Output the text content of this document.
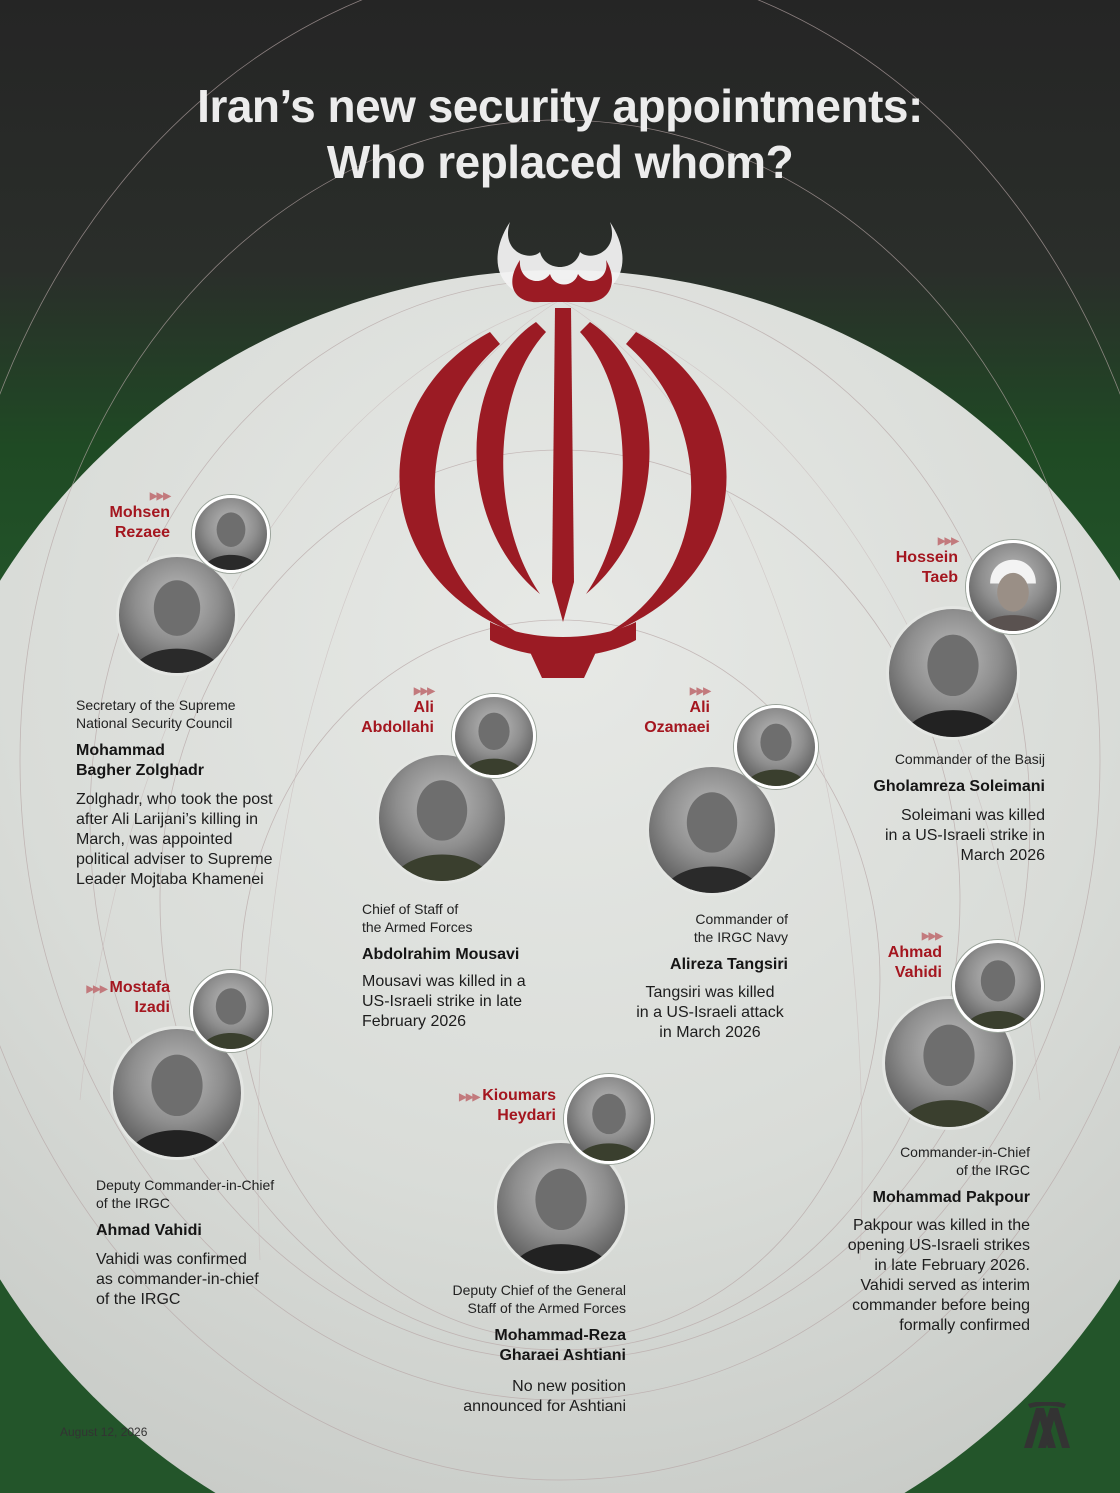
Iran’s new security appointments:
Who replaced whom?
▶▶▶
Mohsen
Rezaee
Secretary of the Supreme
National Security Council
Mohammad
Bagher Zolghadr
Zolghadr, who took the post
after Ali Larijani’s killing in
March, was appointed
political adviser to Supreme
Leader Mojtaba Khamenei
▶▶▶
Ali
Abdollahi
Chief of Staff of
the Armed Forces
Abdolrahim Mousavi
Mousavi was killed in a
US-Israeli strike in late
February 2026
▶▶▶
Ali
Ozamaei
Commander of
the IRGC Navy
Alireza Tangsiri
Tangsiri was killed
in a US-Israeli attack
in March 2026
▶▶▶
Hossein
Taeb
Commander of the Basij
Gholamreza Soleimani
Soleimani was killed
in a US-Israeli strike in
March 2026
▶▶▶ Mostafa
Izadi
Deputy Commander-in-Chief
of the IRGC
Ahmad Vahidi
Vahidi was confirmed
as commander-in-chief
of the IRGC
▶▶▶ Kioumars
Heydari
Deputy Chief of the General
Staff of the Armed Forces
Mohammad-Reza
Gharaei Ashtiani
No new position
announced for Ashtiani
▶▶▶
Ahmad
Vahidi
Commander-in-Chief
of the IRGC
Mohammad Pakpour
Pakpour was killed in the
opening US-Israeli strikes
in late February 2026.
Vahidi served as interim
commander before being
formally confirmed
August 12, 2026
